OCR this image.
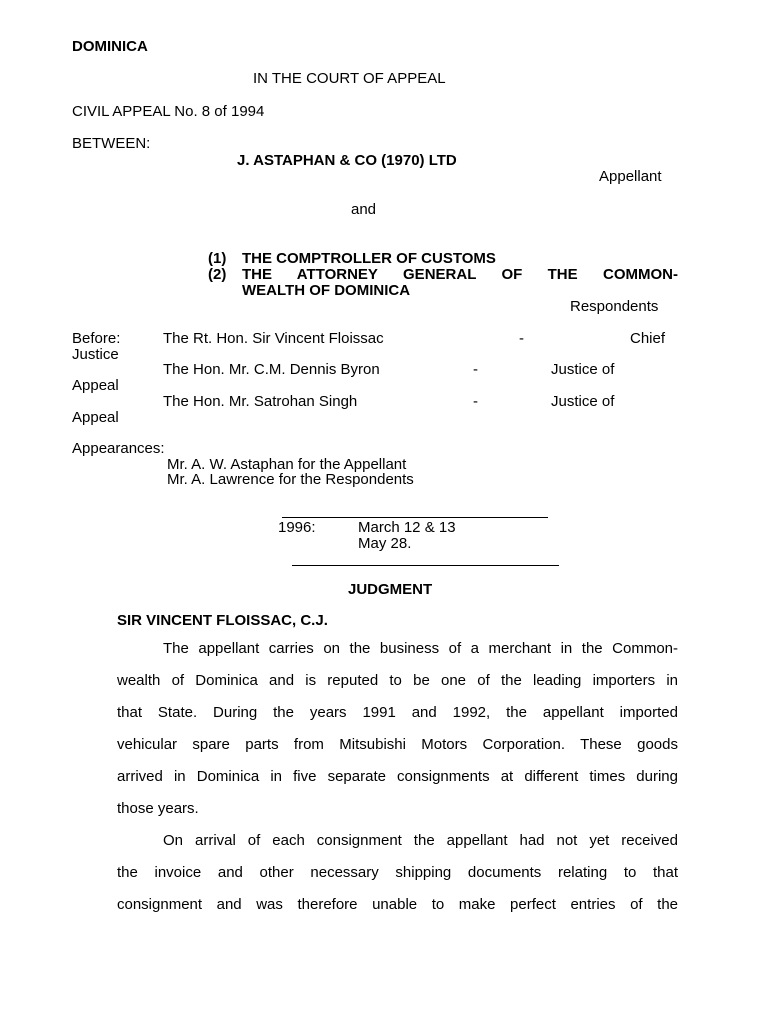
DOMINICA
IN THE COURT OF APPEAL
CIVIL APPEAL No. 8 of 1994
BETWEEN:
J. ASTAPHAN & CO (1970) LTD
Appellant
and
(1) THE COMPTROLLER OF CUSTOMS
(2) THE ATTORNEY GENERAL OF THE COMMON-
WEALTH OF DOMINICA
Respondents
Before:	The Rt. Hon. Sir Vincent Floissac	-	Chief
Justice
The Hon. Mr. C.M. Dennis Byron	-	Justice of
Appeal
The Hon. Mr. Satrohan Singh	-	Justice of
Appeal
Appearances:
Mr. A. W. Astaphan for the Appellant
Mr. A. Lawrence for the Respondents
1996:	March 12 & 13
May 28.
JUDGMENT
SIR VINCENT FLOISSAC, C.J.
The appellant carries on the business of a merchant in the Common-
wealth of Dominica and is reputed to be one of the leading importers in
that State. During the years 1991 and 1992, the appellant imported
vehicular spare parts from Mitsubishi Motors Corporation. These goods
arrived in Dominica in five separate consignments at different times during
those years.
On arrival of each consignment the appellant had not yet received
the invoice and other necessary shipping documents relating to that
consignment and was therefore unable to make perfect entries of the
